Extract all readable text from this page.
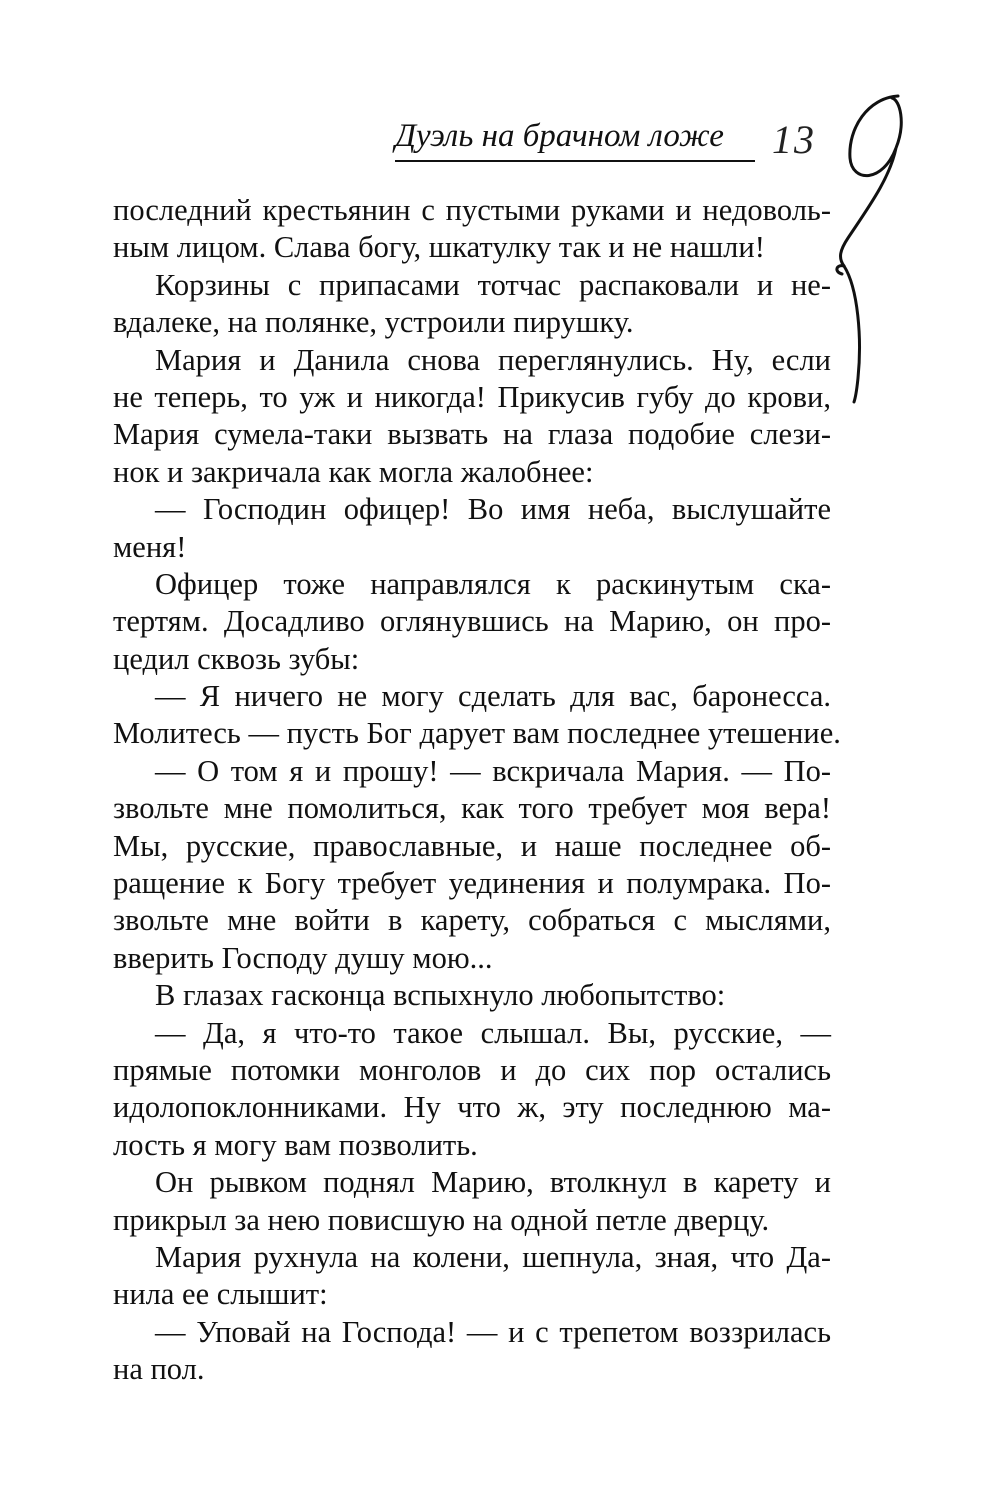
Дуэль на брачном ложе 13
последний крестьянин с пустыми руками и недоволь-
ным лицом. Слава богу, шкатулку так и не нашли!
Корзины с припасами тотчас распаковали и не-
вдалеке, на полянке, устроили пирушку.
Мария и Данила снова переглянулись. Ну, если
не теперь, то уж и никогда! Прикусив губу до крови,
Мария сумела-таки вызвать на глаза подобие слези-
нок и закричала как могла жалобнее:
— Господин офицер! Во имя неба, выслушайте
меня!
Офицер тоже направлялся к раскинутым ска-
тертям. Досадливо оглянувшись на Марию, он про-
цедил сквозь зубы:
— Я ничего не могу сделать для вас, баронесса.
Молитесь — пусть Бог дарует вам последнее утешение.
— О том я и прошу! — вскричала Мария. — По-
звольте мне помолиться, как того требует моя вера!
Мы, русские, православные, и наше последнее об-
ращение к Богу требует уединения и полумрака. По-
звольте мне войти в карету, собраться с мыслями,
вверить Господу душу мою...
В глазах гасконца вспыхнуло любопытство:
— Да, я что-то такое слышал. Вы, русские, —
прямые потомки монголов и до сих пор остались
идолопоклонниками. Ну что ж, эту последнюю ма-
лость я могу вам позволить.
Он рывком поднял Марию, втолкнул в карету и
прикрыл за нею повисшую на одной петле дверцу.
Мария рухнула на колени, шепнула, зная, что Да-
нила ее слышит:
— Уповай на Господа! — и с трепетом воззрилась
на пол.
